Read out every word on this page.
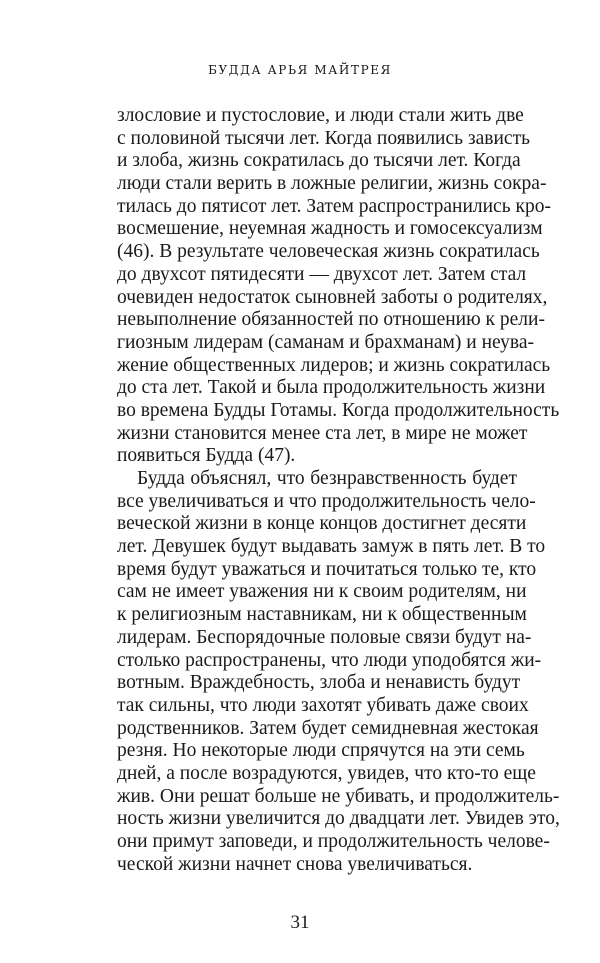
БУДДА АРЬЯ МАЙТРЕЯ
злословие и пустословие, и люди стали жить две
с половиной тысячи лет. Когда появились зависть
и злоба, жизнь сократилась до тысячи лет. Когда
люди стали верить в ложные религии, жизнь сокра-
тилась до пятисот лет. Затем распространились кро-
восмешение, неуемная жадность и гомосексуализм
(46). В результате человеческая жизнь сократилась
до двухсот пятидесяти — двухсот лет. Затем стал
очевиден недостаток сыновней заботы о родителях,
невыполнение обязанностей по отношению к рели-
гиозным лидерам (саманам и брахманам) и неува-
жение общественных лидеров; и жизнь сократилась
до ста лет. Такой и была продолжительность жизни
во времена Будды Готамы. Когда продолжительность
жизни становится менее ста лет, в мире не может
появиться Будда (47).
Будда объяснял, что безнравственность будет
все увеличиваться и что продолжительность чело-
веческой жизни в конце концов достигнет десяти
лет. Девушек будут выдавать замуж в пять лет. В то
время будут уважаться и почитаться только те, кто
сам не имеет уважения ни к своим родителям, ни
к религиозным наставникам, ни к общественным
лидерам. Беспорядочные половые связи будут на-
столько распространены, что люди уподобятся жи-
вотным. Враждебность, злоба и ненависть будут
так сильны, что люди захотят убивать даже своих
родственников. Затем будет семидневная жестокая
резня. Но некоторые люди спрячутся на эти семь
дней, а после возрадуются, увидев, что кто-то еще
жив. Они решат больше не убивать, и продолжитель-
ность жизни увеличится до двадцати лет. Увидев это,
они примут заповеди, и продолжительность челове-
ческой жизни начнет снова увеличиваться.
31
